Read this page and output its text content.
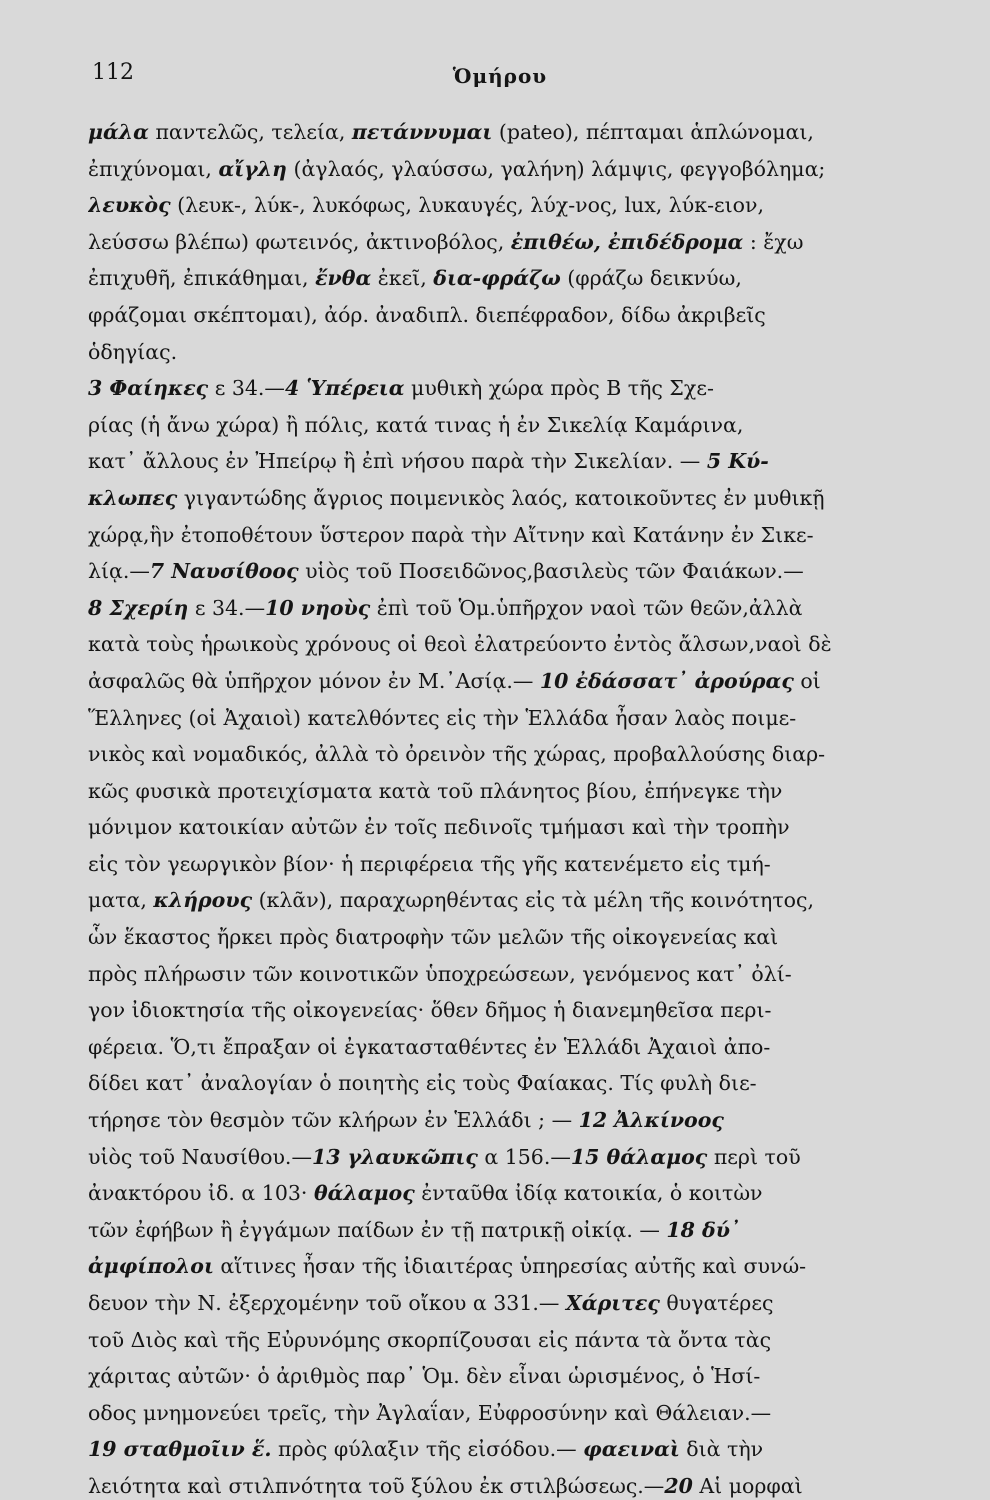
112	Ὁμήρου
μάλα παντελῶς, τελεία, πετάννυμαι (pateo), πέπταμαι ἁπλώνομαι,
ἐπιχύνομαι, αἴγλη (ἀγλαός, γλαύσσω, γαλήνη) λάμψις, φεγγοβόλημα;
λευκὸς (λευκ-, λύκ-, λυκόφως, λυκαυγές, λύχ-νος, lux, λύκ-ειον,
λεύσσω βλέπω) φωτεινός, ἀκτινοβόλος, ἐπιθέω, ἐπιδέδρομα : ἔχω
ἐπιχυθῆ, ἐπικάθημαι, ἔνθα ἐκεῖ, δια-φράζω (φράζω δεικνύω,
φράζομαι σκέπτομαι), ἀόρ. ἀναδιπλ. διεπέφραδον, δίδω ἀκριβεῖς
ὁδηγίας.
3 Φαίηκες ε 34.—4 Ὑπέρεια μυθικὴ χώρα πρὸς Β τῆς Σχε-
ρίας (ἡ ἄνω χώρα) ἢ πόλις, κατά τινας ἡ ἐν Σικελίᾳ Καμάρινα,
κατ᾿ ἄλλους ἐν Ἠπείρῳ ἢ ἐπὶ νήσου παρὰ τὴν Σικελίαν. — 5 Κύ-
κλωπες γιγαντώδης ἄγριος ποιμενικὸς λαός, κατοικοῦντες ἐν μυθικῇ
χώρᾳ,ἣν ἐτοποθέτουν ὕστερον παρὰ τὴν Αἴτνην καὶ Κατάνην ἐν Σικε-
λίᾳ.—7 Ναυσίθοος υἱὸς τοῦ Ποσειδῶνος,βασιλεὺς τῶν Φαιάκων.—
8 Σχερίη ε 34.—10 νηοὺς ἐπὶ τοῦ Ὁμ.ὑπῆρχον ναοὶ τῶν θεῶν,ἀλλὰ
κατὰ τοὺς ἡρωικοὺς χρόνους οἱ θεοὶ ἐλατρεύοντο ἐντὸς ἄλσων,ναοὶ δὲ
ἀσφαλῶς θὰ ὑπῆρχον μόνον ἐν Μ.᾿Ασίᾳ.— 10 ἐδάσσατ᾿ ἀρούρας οἱ
Ἕλληνες (οἱ Ἀχαιοὶ) κατελθόντες εἰς τὴν Ἑλλάδα ἦσαν λαὸς ποιμε-
νικὸς καὶ νομαδικός, ἀλλὰ τὸ ὀρεινὸν τῆς χώρας, προβαλλούσης διαρ-
κῶς φυσικὰ προτειχίσματα κατὰ τοῦ πλάνητος βίου, ἐπήνεγκε τὴν
μόνιμον κατοικίαν αὐτῶν ἐν τοῖς πεδινοῖς τμήμασι καὶ τὴν τροπὴν
εἰς τὸν γεωργικὸν βίον· ἡ περιφέρεια τῆς γῆς κατενέμετο εἰς τμή-
ματα, κλήρους (κλᾶν), παραχωρηθέντας εἰς τὰ μέλη τῆς κοινότητος,
ὧν ἕκαστος ἤρκει πρὸς διατροφὴν τῶν μελῶν τῆς οἰκογενείας καὶ
πρὸς πλήρωσιν τῶν κοινοτικῶν ὑποχρεώσεων, γενόμενος κατ᾿ ὀλί-
γον ἰδιοκτησία τῆς οἰκογενείας· ὅθεν δῆμος ἡ διανεμηθεῖσα περι-
φέρεια. Ὅ,τι ἔπραξαν οἱ ἐγκατασταθέντες ἐν Ἑλλάδι Ἀχαιοὶ ἀπο-
δίδει κατ᾿ ἀναλογίαν ὁ ποιητὴς εἰς τοὺς Φαίακας. Τίς φυλὴ διε-
τήρησε τὸν θεσμὸν τῶν κλήρων ἐν Ἑλλάδι ; — 12 Ἀλκίνοος
υἱὸς τοῦ Ναυσίθου.—13 γλαυκῶπις α 156.—15 θάλαμος περὶ τοῦ
ἀνακτόρου ἰδ. α 103· θάλαμος ἐνταῦθα ἰδίᾳ κατοικία, ὁ κοιτὼν
τῶν ἐφήβων ἢ ἐγγάμων παίδων ἐν τῇ πατρικῇ οἰκίᾳ. — 18 δύ᾿
ἀμφίπολοι αἵτινες ἦσαν τῆς ἰδιαιτέρας ὑπηρεσίας αὐτῆς καὶ συνώ-
δευον τὴν Ν. ἐξερχομένην τοῦ οἴκου α 331.— Χάριτες θυγατέρες
τοῦ Διὸς καὶ τῆς Εὐρυνόμης σκορπίζουσαι εἰς πάντα τὰ ὄντα τὰς
χάριτας αὐτῶν· ὁ ἀριθμὸς παρ᾿ Ὁμ. δὲν εἶναι ὡρισμένος, ὁ Ἡσί-
οδος μνημονεύει τρεῖς, τὴν Ἀγλαΐαν, Εὐφροσύνην καὶ Θάλειαν.—
19 σταθμοῖιν ἕ. πρὸς φύλαξιν τῆς εἰσόδου.— φαειναὶ διὰ τὴν
λειότητα καὶ στιλπνότητα τοῦ ξύλου ἐκ στιλβώσεως.—20 Αἱ μορφαὶ
